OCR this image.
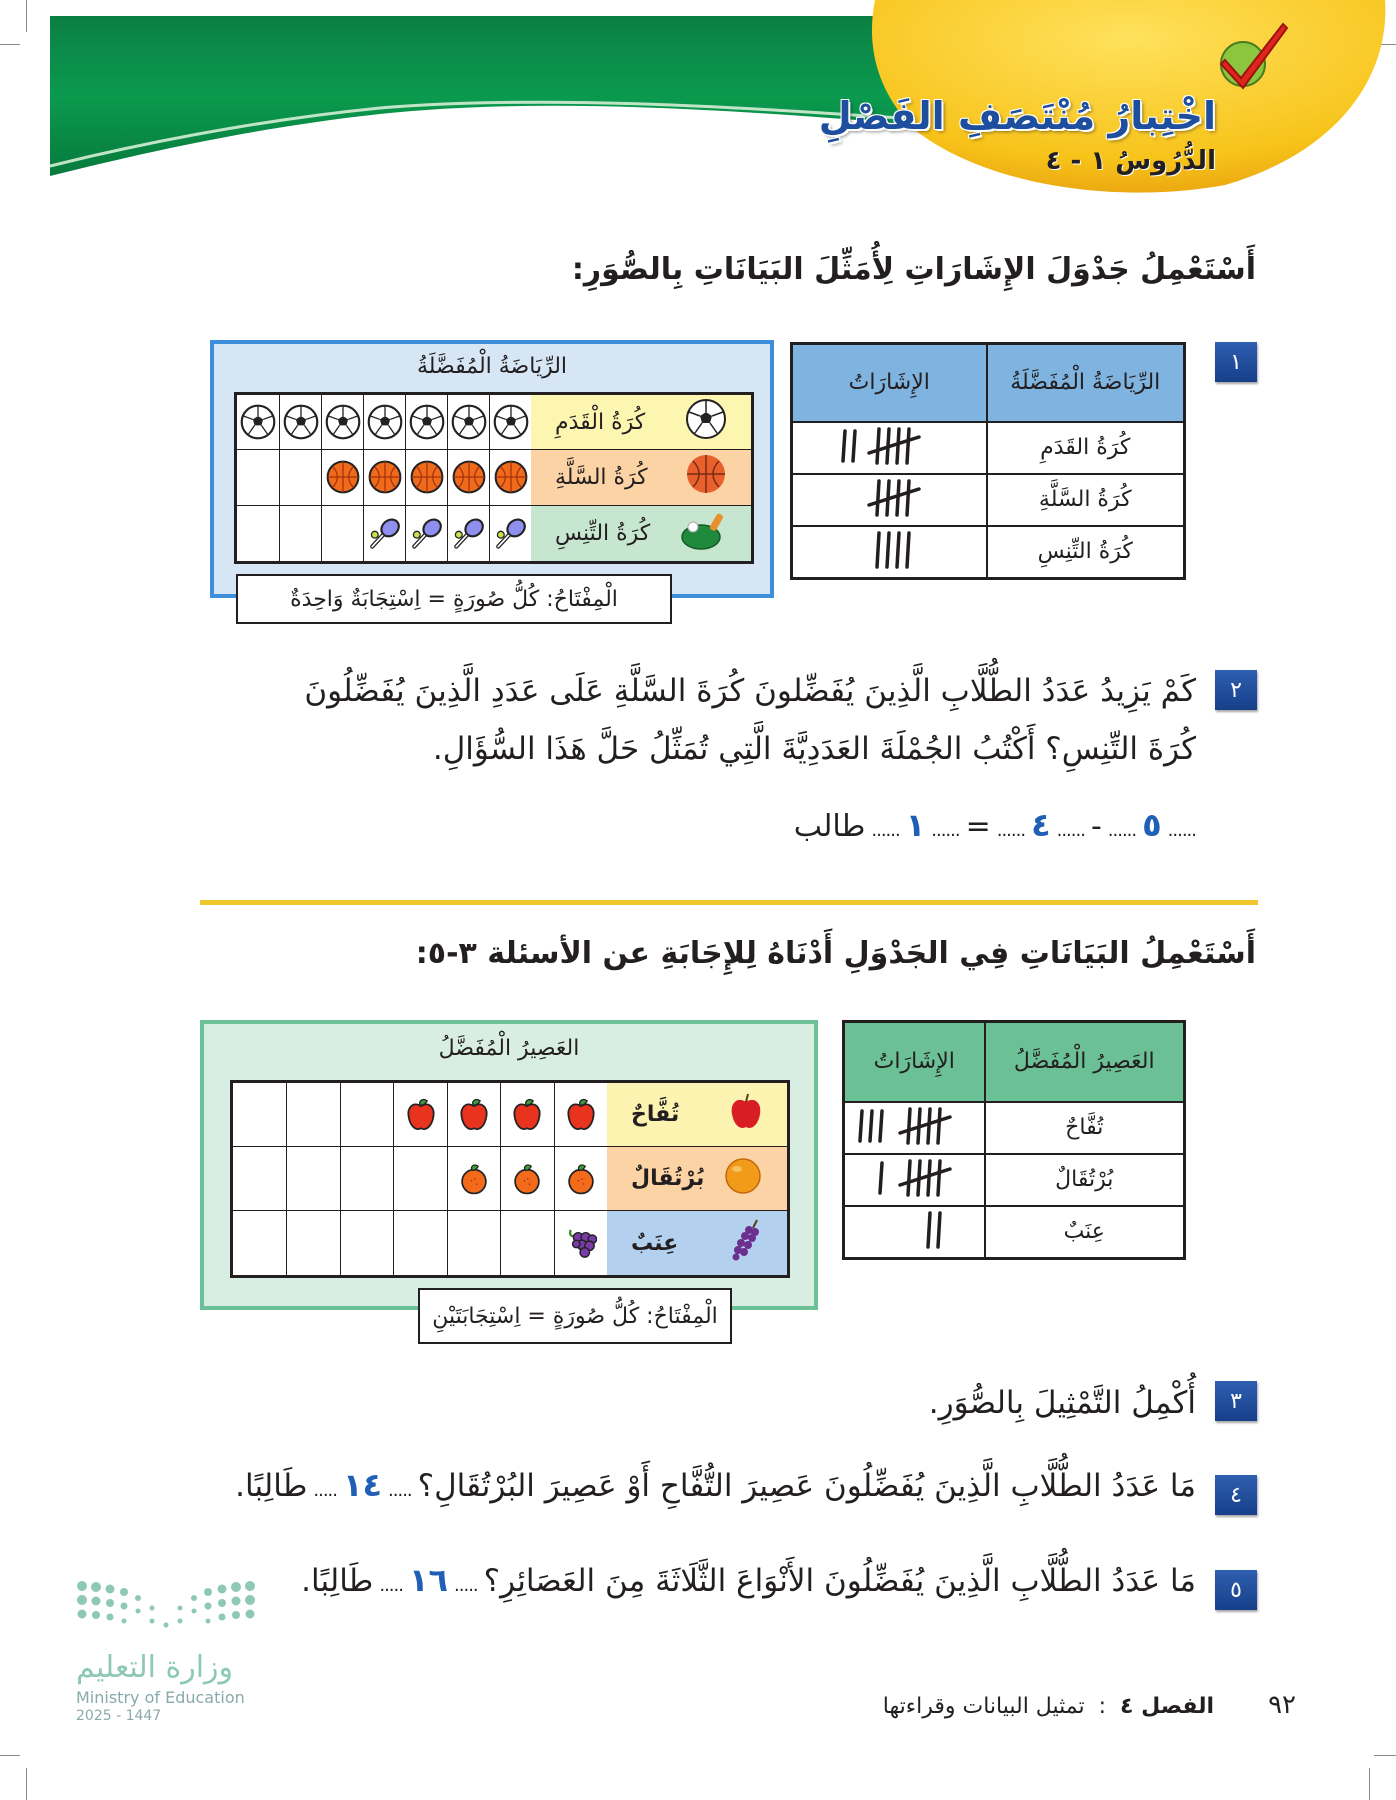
اخْتِبارُ مُنْتَصَفِ الفَصْلِ
الدُّرُوسُ ١ - ٤
أَسْتَعْمِلُ جَدْوَلَ الإِشَارَاتِ لِأُمَثِّلَ البَيَانَاتِ بِالصُّوَرِ:
١
الرِّيَاضَةُ الْمُفَضَّلَةُ	الإِشَارَاتُ
كُرَةُ القَدَمِ	
كُرَةُ السَّلَّةِ	
كُرَةُ التِّنِسِ	
الرِّيَاضَةُ الْمُفَضَّلَةُ
كُرَةُ الْقَدَمِ
كُرَةُ السَّلَّةِ
كُرَةُ التِّنِسِ
الْمِفْتَاحُ: كُلُّ صُورَةٍ = اِسْتِجَابَةٌ وَاحِدَةٌ
٢
كَمْ يَزِيدُ عَدَدُ الطُّلَّابِ الَّذِينَ يُفَضِّلونَ كُرَةَ السَّلَّةِ عَلَى عَدَدِ الَّذِينَ يُفَضِّلُونَ كُرَةَ التِّنِسِ؟ أَكْتُبُ الجُمْلَةَ العَدَدِيَّةَ الَّتِي تُمَثِّلُ حَلَّ هَذَا السُّؤَالِ.
......
٥
......
-
......
٤
......
=
......
١
......
طالب
أَسْتَعْمِلُ البَيَانَاتِ فِي الجَدْوَلِ أَدْنَاهُ لِلإِجَابَةِ عن الأسئلة ٣-٥:
العَصِيرُ الْمُفَضَّلُ	الإِشَارَاتُ
تُفَّاحٌ	
بُرْتُقَالٌ	
عِنَبٌ	
العَصِيرُ الْمُفَضَّلُ
تُفَّاحٌ
بُرْتُقَالٌ
عِنَبٌ
الْمِفْتَاحُ: كُلُّ صُورَةٍ = اِسْتِجَابَتَيْنِ
٣
أُكْمِلُ التَّمْثِيلَ بِالصُّوَرِ.
٤
مَا عَدَدُ الطُّلَّابِ الَّذِينَ يُفَضِّلُونَ عَصِيرَ التُّفَّاحِ أَوْ عَصِيرَ البُرْتُقَالِ؟
.....
١٤
.....
طَالِبًا.
٥
مَا عَدَدُ الطُّلَّابِ الَّذِينَ يُفَضِّلُونَ الأَنْوَاعَ الثَّلَاثَةَ مِنَ العَصَائِرِ؟
.....
١٦
.....
طَالِبًا.
وزارة التعليم
Ministry of Education
2025 - 1447	٩٢
الفصل ٤
:
تمثيل البيانات وقراءتها
